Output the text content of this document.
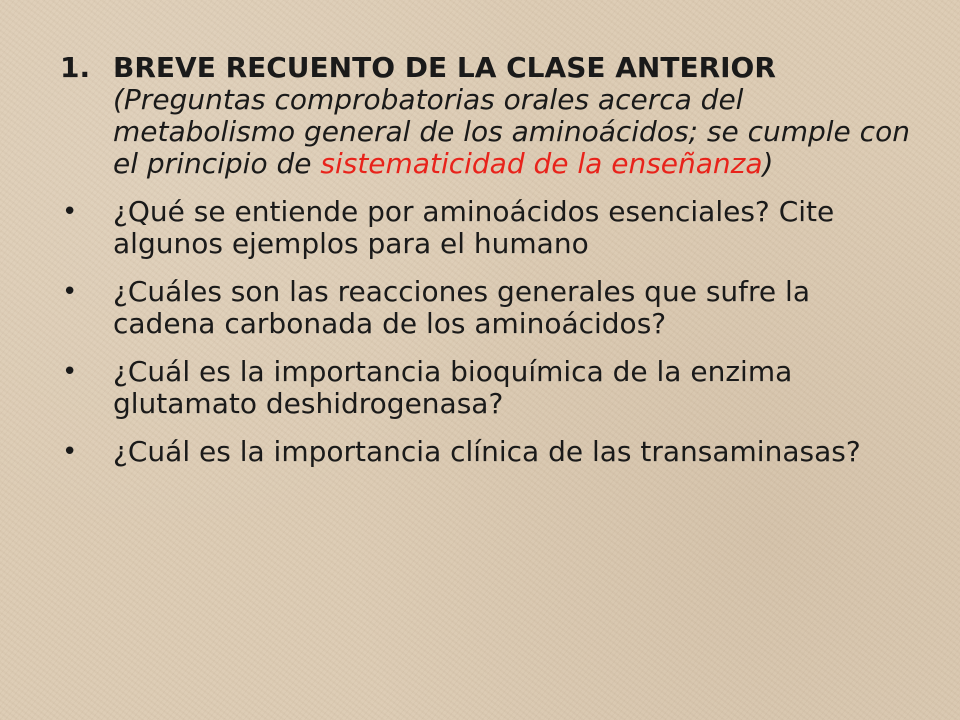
1. BREVE RECUENTO DE LA CLASE ANTERIOR (Preguntas comprobatorias orales acerca del metabolismo general de los aminoácidos; se cumple con el principio de sistematicidad de la enseñanza)
• ¿Qué se entiende por aminoácidos esenciales? Cite algunos ejemplos para el humano
• ¿Cuáles son las reacciones generales que sufre la cadena carbonada de los aminoácidos?
• ¿Cuál es la importancia bioquímica de la enzima glutamato deshidrogenasa?
• ¿Cuál es la importancia clínica de las transaminasas?
